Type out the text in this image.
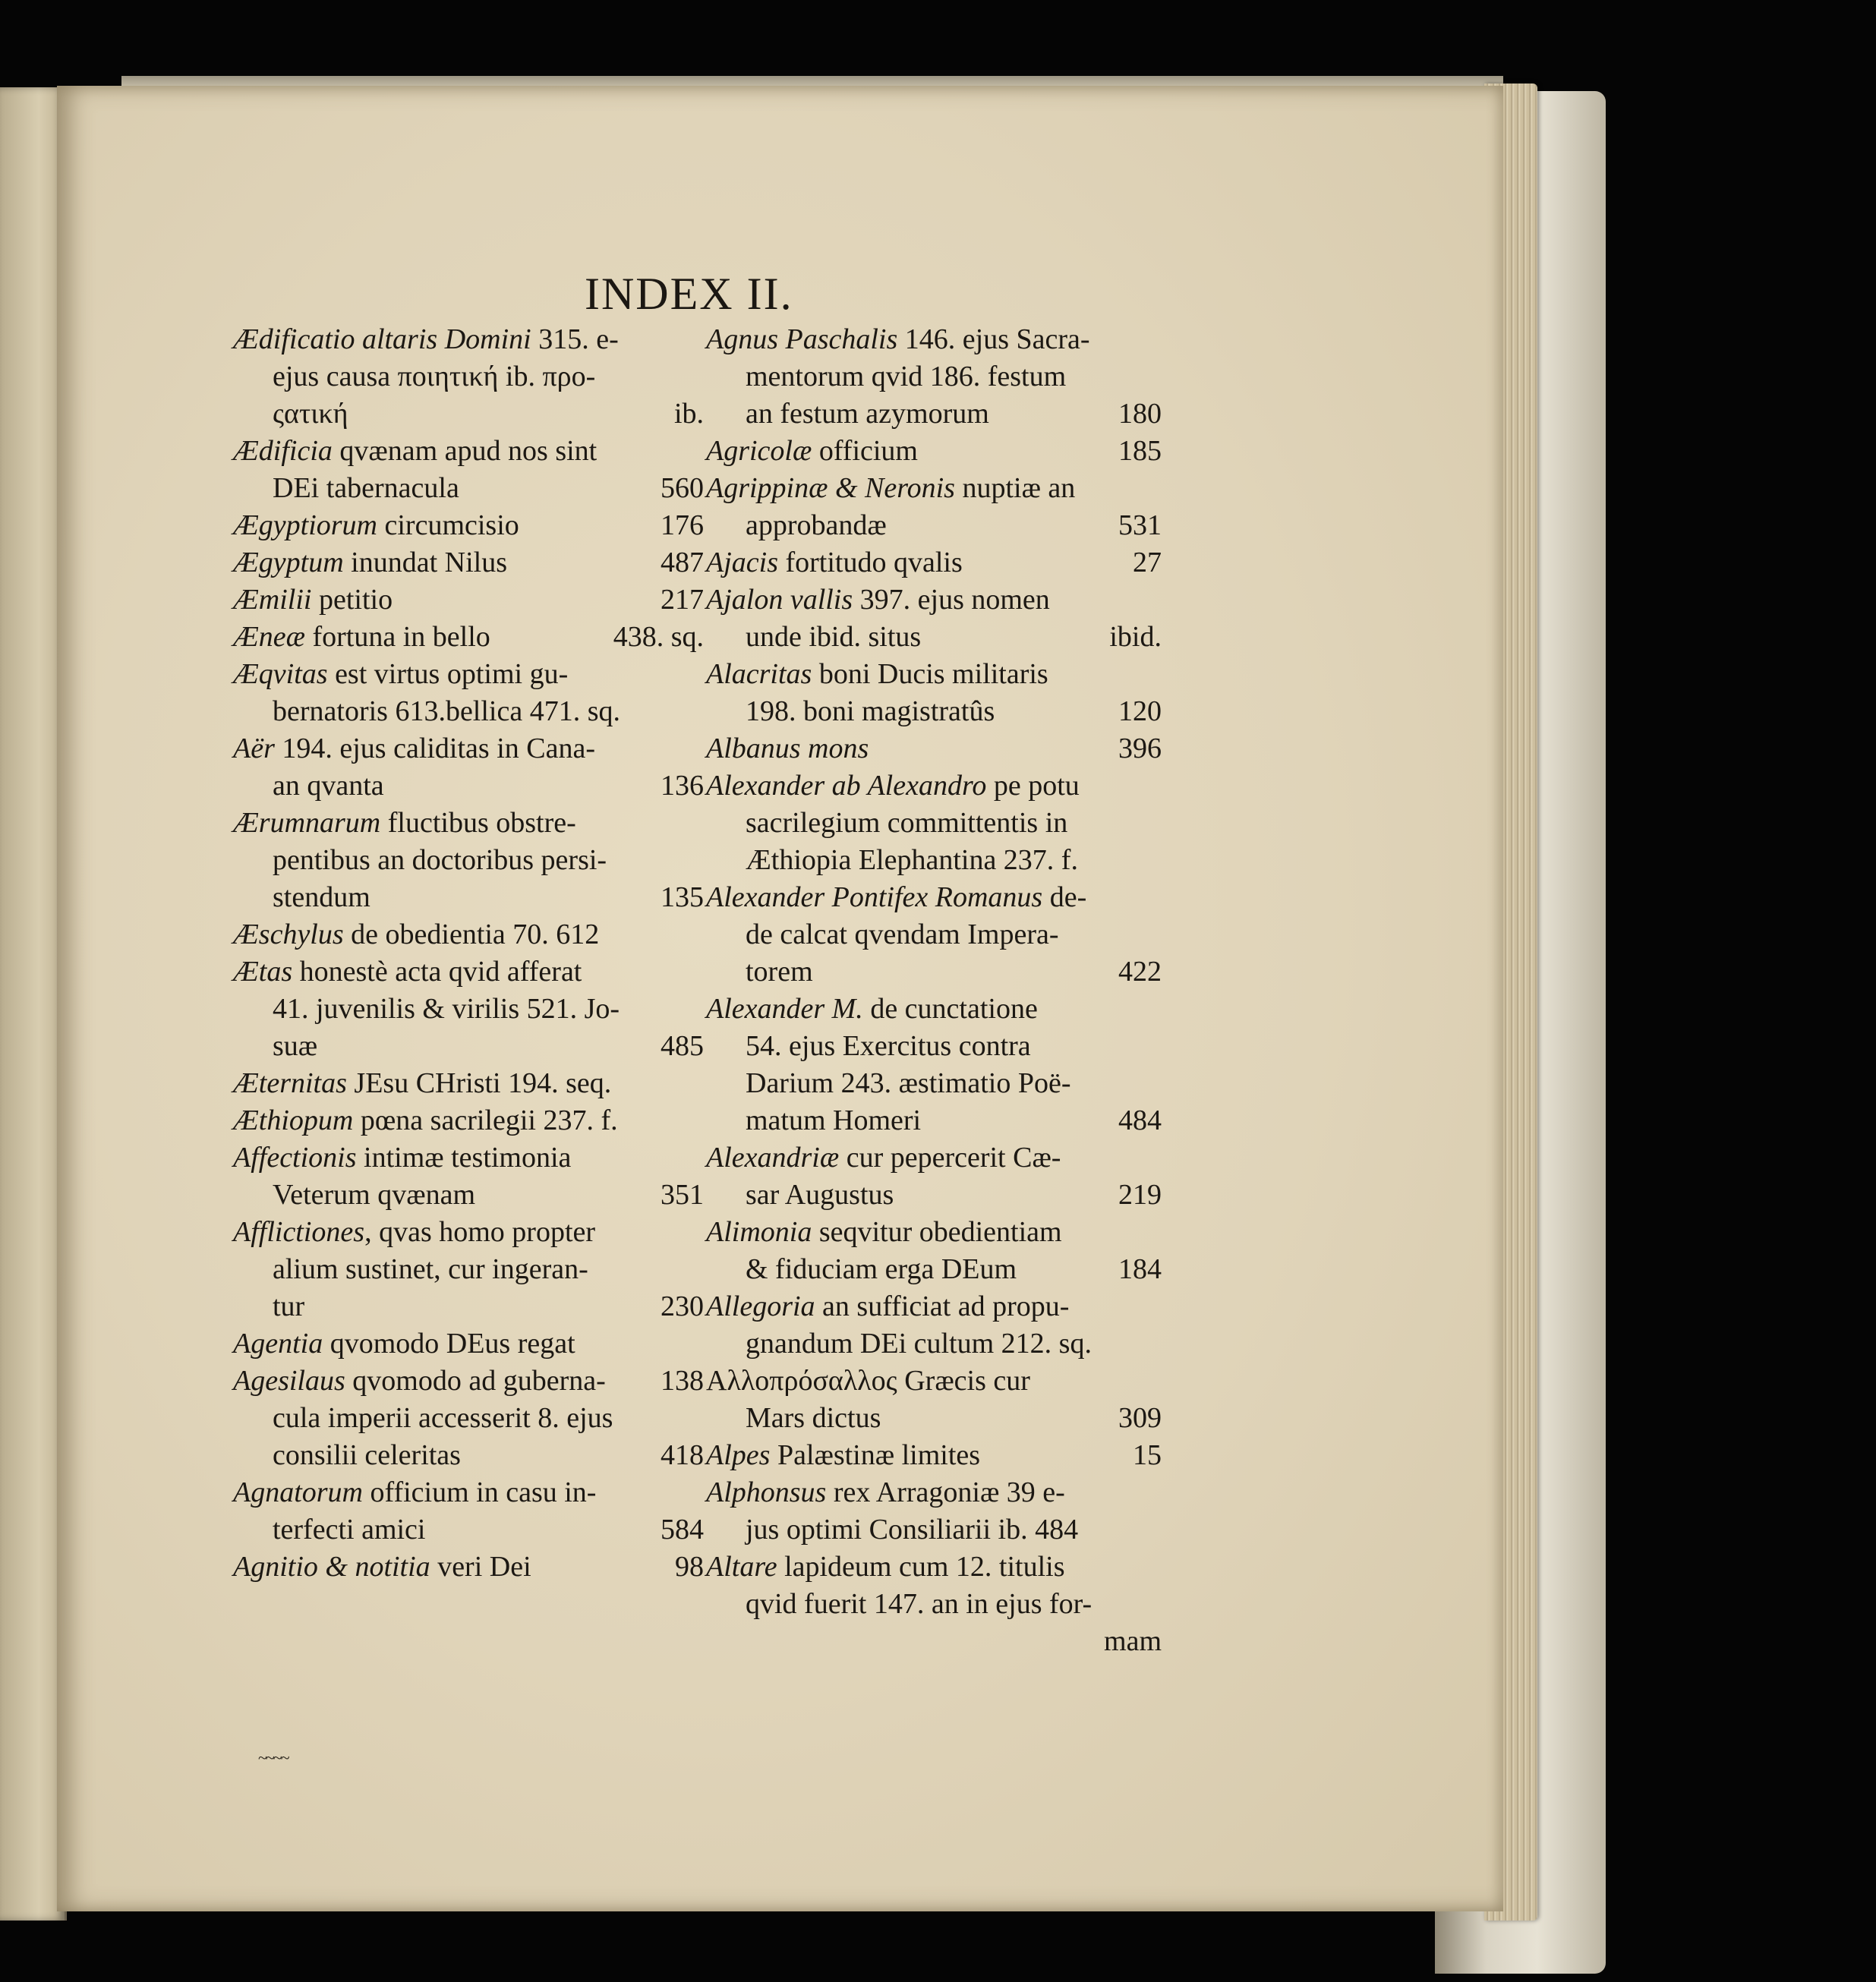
INDEX II.
Ædificatio altaris Domini 315. e-
ejus causa ποιητική ib. προ-
ςατική	ib.
Ædificia qvænam apud nos sint
DEi tabernacula	560
Ægyptiorum circumcisio	176
Ægyptum inundat Nilus	487
Æmilii petitio	217
Æneæ fortuna in bello	438. sq.
Æqvitas est virtus optimi gu-
bernatoris 613.bellica 471. sq.
Aër 194. ejus caliditas in Cana-
an qvanta	136
Ærumnarum fluctibus obstre-
pentibus an doctoribus persi-
stendum	135
Æschylus de obedientia 70. 612
Ætas honestè acta qvid afferat
41. juvenilis & virilis 521. Jo-
suæ	485
Æternitas JEsu CHristi 194. seq.
Æthiopum pœna sacrilegii 237. f.
Affectionis intimæ testimonia
Veterum qvænam	351
Afflictiones, qvas homo propter
alium sustinet, cur ingeran-
tur	230
Agentia qvomodo DEus regat
138
Agesilaus qvomodo ad guberna-
cula imperii accesserit 8. ejus
consilii celeritas	418
Agnatorum officium in casu in-
terfecti amici	584
Agnitio & notitia veri Dei	98
Agnus Paschalis 146. ejus Sacra-
mentorum qvid 186. festum
an festum azymorum	180
Agricolæ officium	185
Agrippinæ & Neronis nuptiæ an
approbandæ	531
Ajacis fortitudo qvalis	27
Ajalon vallis 397. ejus nomen
unde ibid. situs	ibid.
Alacritas boni Ducis militaris
198. boni magistratûs	120
Albanus mons	396
Alexander ab Alexandro pe potu
sacrilegium committentis in
Æthiopia Elephantina 237. f.
Alexander Pontifex Romanus de-
de calcat qvendam Impera-
torem	422
Alexander M. de cunctatione
54. ejus Exercitus contra
Darium 243. æstimatio Poë-
matum Homeri	484
Alexandriæ cur pepercerit Cæ-
sar Augustus	219
Alimonia seqvitur obedientiam
& fiduciam erga DEum	184
Allegoria an sufficiat ad propu-
gnandum DEi cultum 212. sq.
Αλλοπρόσαλλος Græcis cur
Mars dictus	309
Alpes Palæstinæ limites	15
Alphonsus rex Arragoniæ 39 e-
jus optimi Consiliarii ib. 484
Altare lapideum cum 12. titulis
qvid fuerit 147. an in ejus for-
mam
~~~~
